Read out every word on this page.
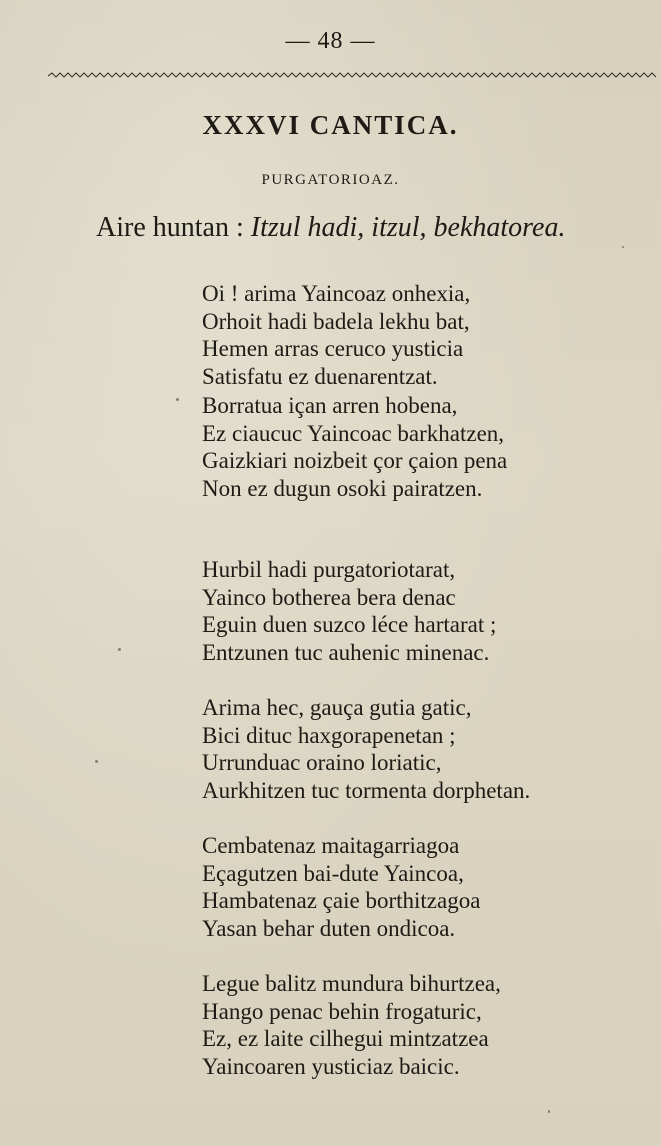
— 48 —
XXXVI CANTICA.
PURGATORIOAZ.
Aire huntan : Itzul hadi, itzul, bekhatorea.
Oi ! arima Yaincoaz onhexia,
Orhoit hadi badela lekhu bat,
Hemen arras ceruco yusticia
Satisfatu ez duenarentzat.
Borratua içan arren hobena,
Ez ciaucuc Yaincoac barkhatzen,
Gaizkiari noizbeit çor çaion pena
Non ez dugun osoki pairatzen.
Hurbil hadi purgatoriotarat,
Yainco botherea bera denac
Eguin duen suzco léce hartarat ;
Entzunen tuc auhenic minenac.
Arima hec, gauça gutia gatic,
Bici dituc haxgorapenetan ;
Urrunduac oraino loriatic,
Aurkhitzen tuc tormenta dorphetan.
Cembatenaz maitagarriagoa
Eçagutzen bai-dute Yaincoa,
Hambatenaz çaie borthitzagoa
Yasan behar duten ondicoa.
Legue balitz mundura bihurtzea,
Hango penac behin frogaturic,
Ez, ez laite cilhegui mintzatzea
Yaincoaren yusticiaz baicic.
